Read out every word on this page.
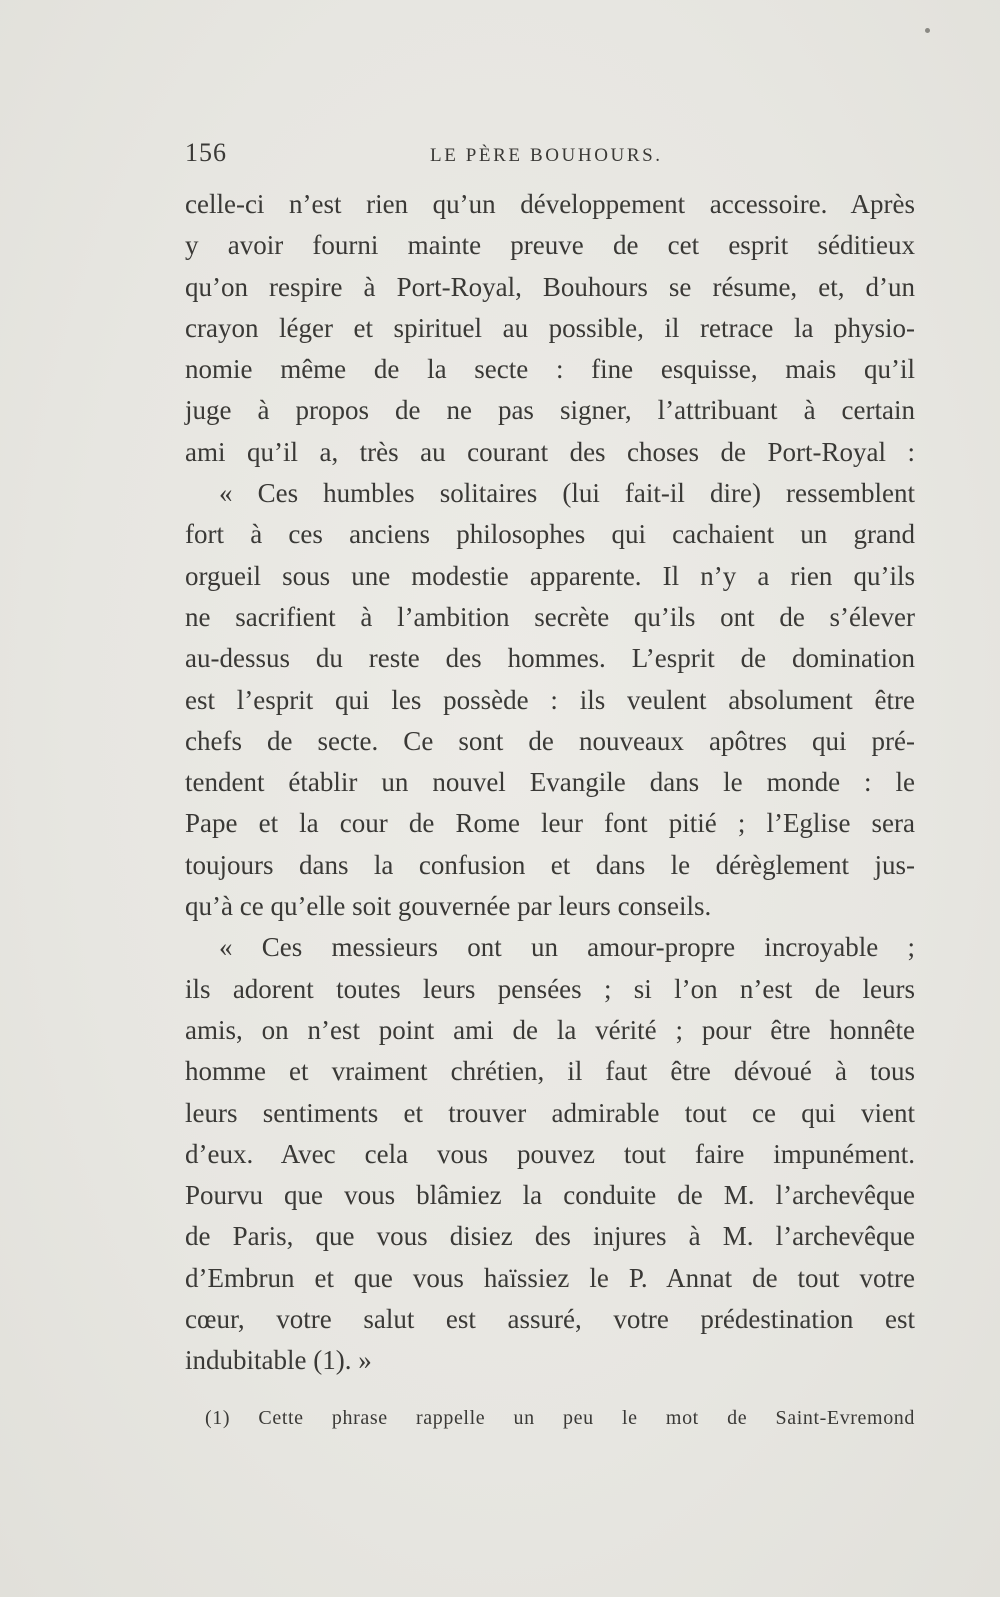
156	LE PÈRE BOUHOURS.
celle-ci n’est rien qu’un développement accessoire. Après
y avoir fourni mainte preuve de cet esprit séditieux
qu’on respire à Port-Royal, Bouhours se résume, et, d’un
crayon léger et spirituel au possible, il retrace la physio-
nomie même de la secte : fine esquisse, mais qu’il
juge à propos de ne pas signer, l’attribuant à certain
ami qu’il a, très au courant des choses de Port-Royal :
« Ces humbles solitaires (lui fait-il dire) ressemblent
fort à ces anciens philosophes qui cachaient un grand
orgueil sous une modestie apparente. Il n’y a rien qu’ils
ne sacrifient à l’ambition secrète qu’ils ont de s’élever
au-dessus du reste des hommes. L’esprit de domination
est l’esprit qui les possède : ils veulent absolument être
chefs de secte. Ce sont de nouveaux apôtres qui pré-
tendent établir un nouvel Evangile dans le monde : le
Pape et la cour de Rome leur font pitié ; l’Eglise sera
toujours dans la confusion et dans le dérèglement jus-
qu’à ce qu’elle soit gouvernée par leurs conseils.
« Ces messieurs ont un amour-propre incroyable ;
ils adorent toutes leurs pensées ; si l’on n’est de leurs
amis, on n’est point ami de la vérité ; pour être honnête
homme et vraiment chrétien, il faut être dévoué à tous
leurs sentiments et trouver admirable tout ce qui vient
d’eux. Avec cela vous pouvez tout faire impunément.
Pourvu que vous blâmiez la conduite de M. l’archevêque
de Paris, que vous disiez des injures à M. l’archevêque
d’Embrun et que vous haïssiez le P. Annat de tout votre
cœur, votre salut est assuré, votre prédestination est
indubitable (1). »
(1) Cette phrase rappelle un peu le mot de Saint-Evremond
